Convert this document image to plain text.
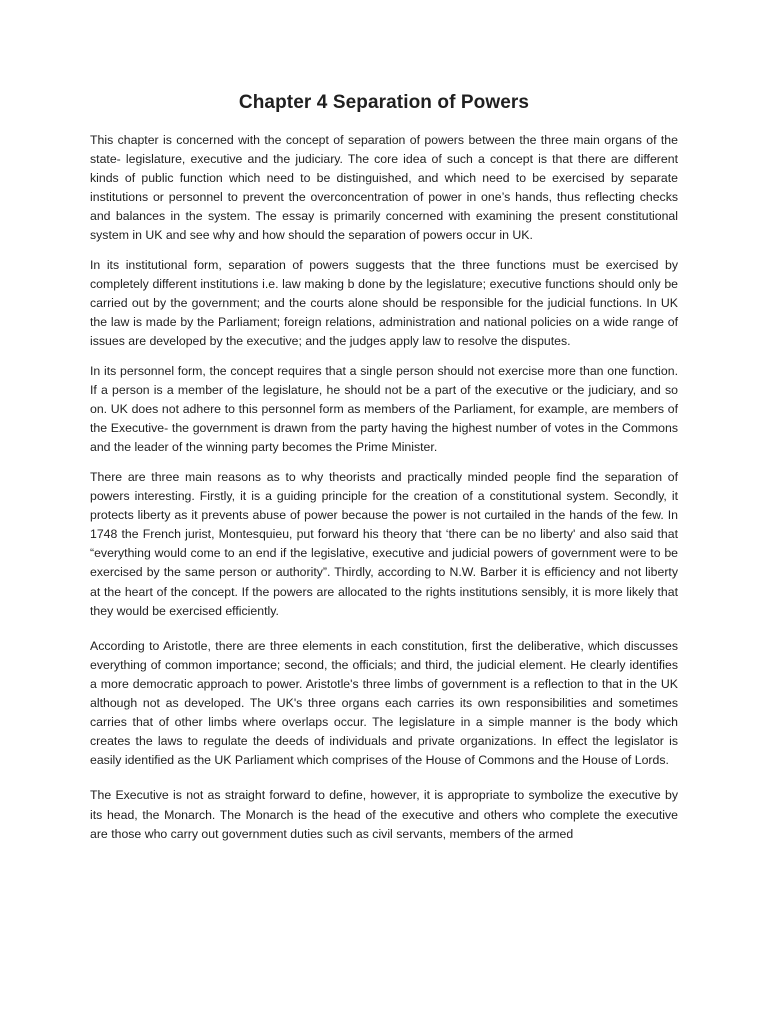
Chapter 4 Separation of Powers

This chapter is concerned with the concept of separation of powers between the three main organs of the state- legislature, executive and the judiciary. The core idea of such a concept is that there are different kinds of public function which need to be distinguished, and which need to be exercised by separate institutions or personnel to prevent the overconcentration of power in one’s hands, thus reflecting checks and balances in the system. The essay is primarily concerned with examining the present constitutional system in UK and see why and how should the separation of powers occur in UK.

In its institutional form, separation of powers suggests that the three functions must be exercised by completely different institutions i.e. law making b done by the legislature; executive functions should only be carried out by the government; and the courts alone should be responsible for the judicial functions. In UK the law is made by the Parliament; foreign relations, administration and national policies on a wide range of issues are developed by the executive; and the judges apply law to resolve the disputes.

In its personnel form, the concept requires that a single person should not exercise more than one function. If a person is a member of the legislature, he should not be a part of the executive or the judiciary, and so on. UK does not adhere to this personnel form as members of the Parliament, for example, are members of the Executive- the government is drawn from the party having the highest number of votes in the Commons and the leader of the winning party becomes the Prime Minister.

There are three main reasons as to why theorists and practically minded people find the separation of powers interesting. Firstly, it is a guiding principle for the creation of a constitutional system. Secondly, it protects liberty as it prevents abuse of power because the power is not curtailed in the hands of the few. In 1748 the French jurist, Montesquieu, put forward his theory that ‘there can be no liberty' and also said that “everything would come to an end if the legislative, executive and judicial powers of government were to be exercised by the same person or authority”. Thirdly, according to N.W. Barber it is efficiency and not liberty at the heart of the concept. If the powers are allocated to the rights institutions sensibly, it is more likely that they would be exercised efficiently.

According to Aristotle, there are three elements in each constitution, first the deliberative, which discusses everything of common importance; second, the officials; and third, the judicial element. He clearly identifies a more democratic approach to power. Aristotle's three limbs of government is a reflection to that in the UK although not as developed. The UK's three organs each carries its own responsibilities and sometimes carries that of other limbs where overlaps occur. The legislature in a simple manner is the body which creates the laws to regulate the deeds of individuals and private organizations. In effect the legislator is easily identified as the UK Parliament which comprises of the House of Commons and the House of Lords.

The Executive is not as straight forward to define, however, it is appropriate to symbolize the executive by its head, the Monarch. The Monarch is the head of the executive and others who complete the executive are those who carry out government duties such as civil servants, members of the armed
